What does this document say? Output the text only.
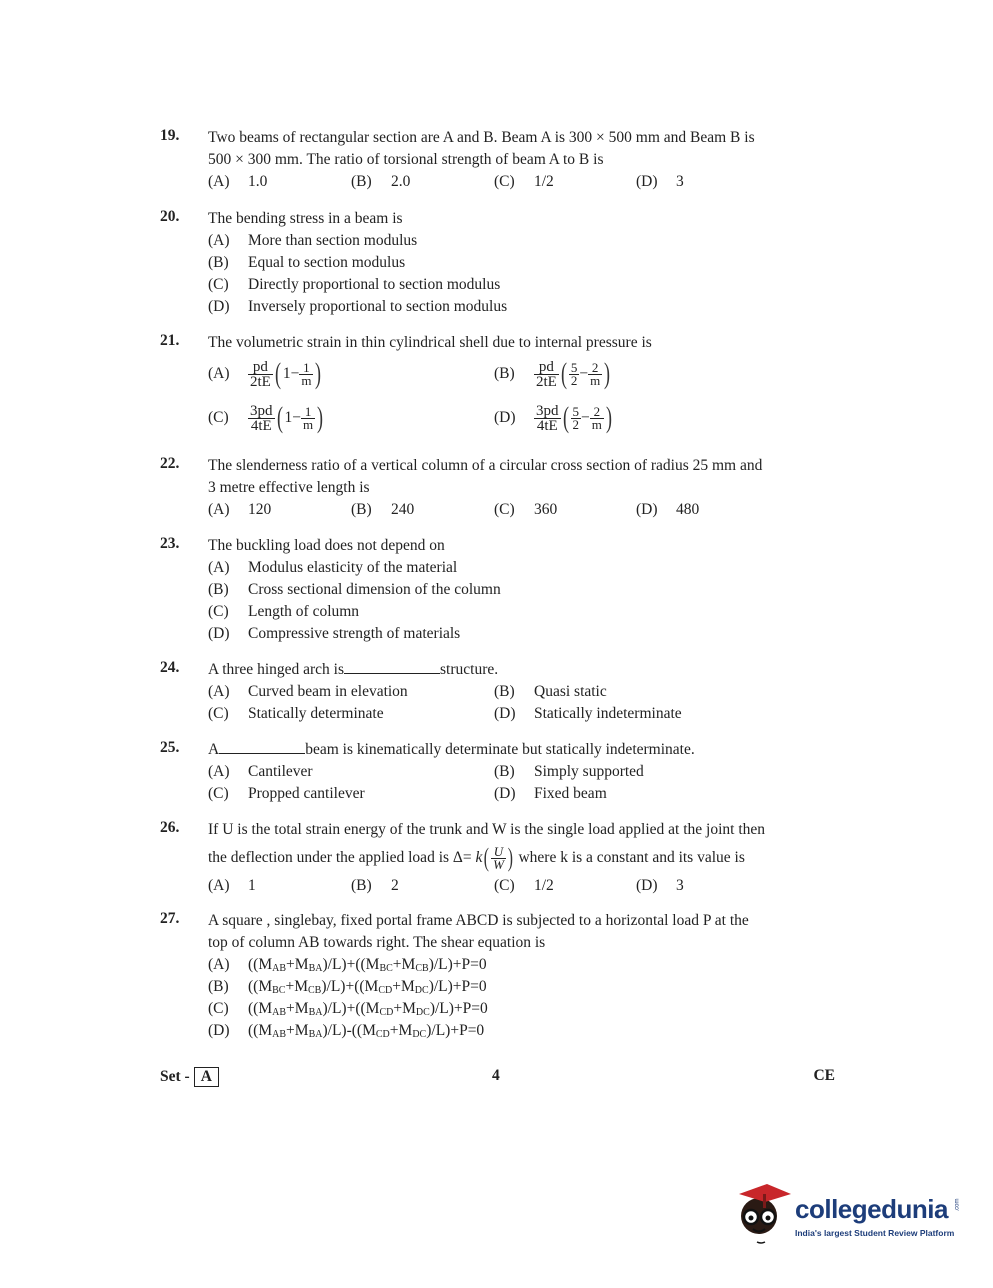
19. Two beams of rectangular section are A and B. Beam A is 300 × 500 mm and Beam B is
500 × 300 mm. The ratio of torsional strength of beam A to B is
(A) 1.0	(B) 2.0	(C) 1/2	(D) 3
20. The bending stress in a beam is
(A) More than section modulus
(B) Equal to section modulus
(C) Directly proportional to section modulus
(D) Inversely proportional to section modulus
21. The volumetric strain in thin cylindrical shell due to internal pressure is
(A)	$\frac{pd}{2tE}$ ( $1 - \frac{1}{m}$ )	(B)	$\frac{pd}{2tE}$ ( $\frac{5}{2} - \frac{2}{m}$ )
(C)	$\frac{3pd}{4tE}$ ( $1 - \frac{1}{m}$ )	(D)	$\frac{3pd}{4tE}$ ( $\frac{5}{2} - \frac{2}{m}$ )
22. The slenderness ratio of a vertical column of a circular cross section of radius 25 mm and
3 metre effective length is
(A) 120	(B) 240	(C) 360	(D) 480
23. The buckling load does not depend on
(A) Modulus elasticity of the material
(B) Cross sectional dimension of the column
(C) Length of column
(D) Compressive strength of materials
24. A three hinged arch is	structure.
(A) Curved beam in elevation	(B) Quasi static
(C) Statically determinate	(D) Statically indeterminate
25. A	beam is kinematically determinate but statically indeterminate.
(A) Cantilever	(B) Simply supported
(C) Propped cantilever	(D) Fixed beam
26. If U is the total strain energy of the trunk and W is the single load applied at the joint then
the deflection under the applied load is $\Delta= k( \frac{U}{W}$ ) where k is a constant and its value is
(A) 1	(B) 2	(C) 1/2	(D) 3
27. A square , singlebay, fixed portal frame ABCD is subjected to a horizontal load P at the
top of column AB towards right. The shear equation is
(A) $((M_{AB}+M_{BA})/L)+((M_{BC}+M_{CB})/L)+P=0$
(B) $((M_{BC}+M_{CB})/L)+((M_{CD}+M_{DC})/L)+P=0$
(C) $((M_{AB}+M_{BA})/L)+((M_{CD}+M_{DC})/L)+P=0$
(D) $((M_{AB}+M_{BA})/L)-((M_{CD}+M_{DC})/L)+P=0$
Set - A	4	CE
collegedunia .com
India's largest Student Review Platform
